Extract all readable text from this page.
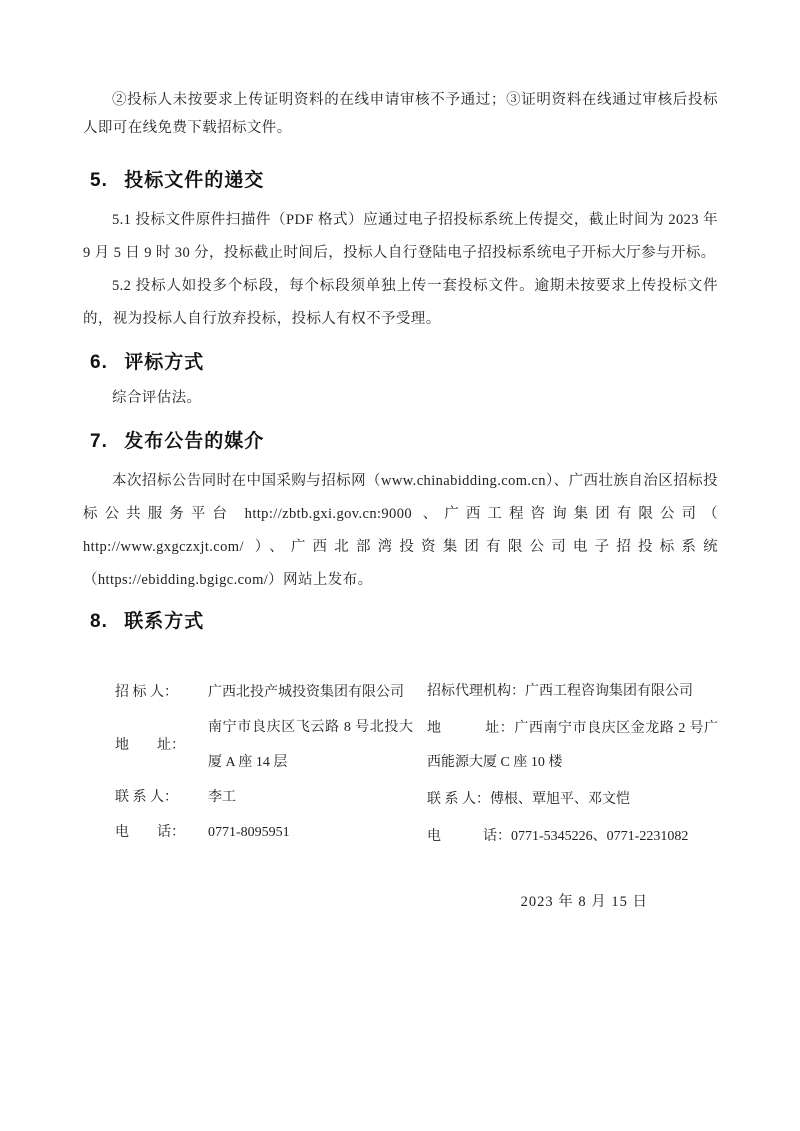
②投标人未按要求上传证明资料的在线申请审核不予通过；③证明资料在线通过审核后投标人即可在线免费下载招标文件。

5. 投标文件的递交

5.1 投标文件原件扫描件（PDF 格式）应通过电子招投标系统上传提交，截止时间为 2023 年 9 月 5 日 9 时 30 分，投标截止时间后，投标人自行登陆电子招投标系统电子开标大厅参与开标。

5.2 投标人如投多个标段，每个标段须单独上传一套投标文件。逾期未按要求上传投标文件的，视为投标人自行放弃投标，投标人有权不予受理。

6. 评标方式

综合评估法。

7. 发布公告的媒介

本次招标公告同时在中国采购与招标网（www.chinabidding.com.cn）、广西壮族自治区招标投标公共服务平台 http://zbtb.gxi.gov.cn:9000 、广西工程咨询集团有限公司（ http://www.gxgczxjt.com/ ）、广西北部湾投资集团有限公司电子招投标系统（https://ebidding.bgigc.com/）网站上发布。

8. 联系方式
招 标 人：	广西北投产城投资集团有限公司
地　　址：
南宁市良庆区飞云路 8 号北投大厦 A 座 14 层
联 系 人：	李工
电　　话： 0771-8095951

招标代理机构：广西工程咨询集团有限公司

地　　　址：广西南宁市良庆区金龙路 2 号广西能源大厦 C 座 10 楼

联 系 人：傅根、覃旭平、邓文恺

电　　　话：0771-5345226、0771-2231082

2023 年 8 月 15 日
